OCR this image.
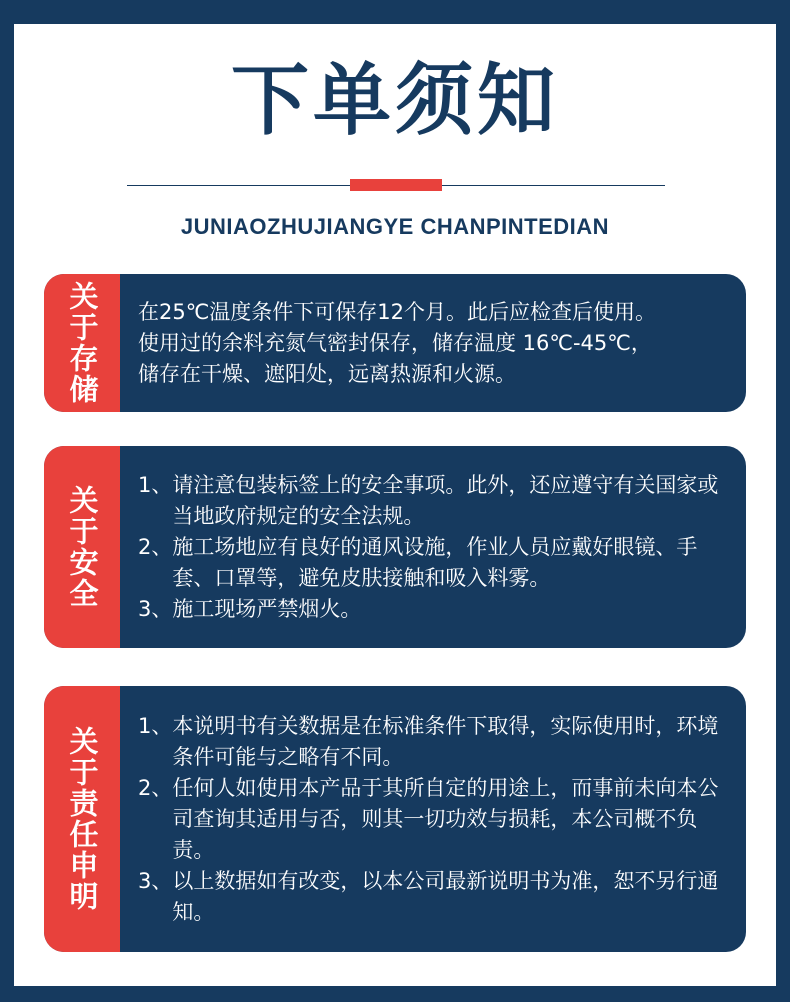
下单须知
JUNIAOZHUJIANGYE CHANPINTEDIAN
关于存储 在25℃温度条件下可保存12个月。此后应检查后使用。
使用过的余料充氮气密封保存，储存温度 16℃-45℃，
储存在干燥、遮阳处，远离热源和火源。
关于安全
1、 请注意包装标签上的安全事项。此外，还应遵守有关国家或当地政府规定的安全法规。
2、 施工场地应有良好的通风设施，作业人员应戴好眼镜、手套、口罩等，避免皮肤接触和吸入料雾。
3、 施工现场严禁烟火。
关于责任申明
1、 本说明书有关数据是在标准条件下取得，实际使用时，环境条件可能与之略有不同。
2、 任何人如使用本产品于其所自定的用途上，而事前未向本公司查询其适用与否，则其一切功效与损耗，本公司概不负责。
3、 以上数据如有改变，以本公司最新说明书为准，恕不另行通知。
